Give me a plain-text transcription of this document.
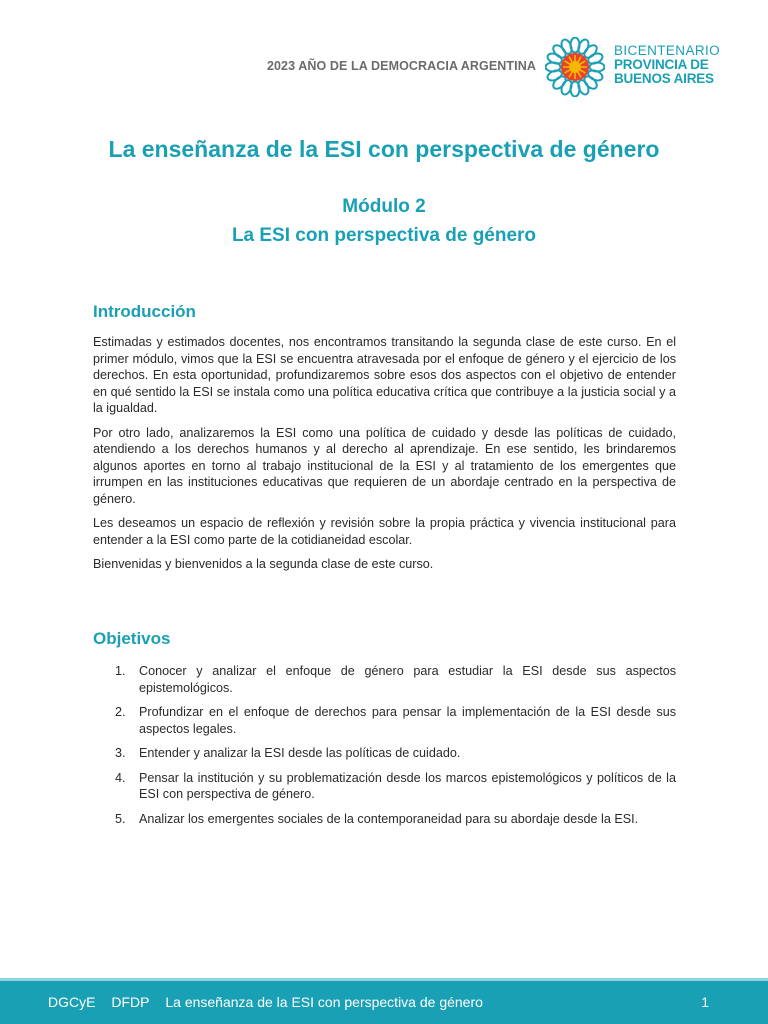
2023 AÑO DE LA DEMOCRACIA ARGENTINA
BICENTENARIO
PROVINCIA DE
BUENOS AIRES
La enseñanza de la ESI con perspectiva de género
Módulo 2
La ESI con perspectiva de género
Introducción

Estimadas y estimados docentes, nos encontramos transitando la segunda clase de este curso. En el primer módulo, vimos que la ESI se encuentra atravesada por el enfoque de género y el ejercicio de los derechos. En esta oportunidad, profundizaremos sobre esos dos aspectos con el objetivo de entender en qué sentido la ESI se instala como una política educativa crítica que contribuye a la justicia social y a la igualdad.

Por otro lado, analizaremos la ESI como una política de cuidado y desde las políticas de cuidado, atendiendo a los derechos humanos y al derecho al aprendizaje. En ese sentido, les brindaremos algunos aportes en torno al trabajo institucional de la ESI y al tratamiento de los emergentes que irrumpen en las instituciones educativas que requieren de un abordaje centrado en la perspectiva de género.

Les deseamos un espacio de reflexión y revisión sobre la propia práctica y vivencia institucional para entender a la ESI como parte de la cotidianeidad escolar.

Bienvenidas y bienvenidos a la segunda clase de este curso.

Objetivos
1. Conocer y analizar el enfoque de género para estudiar la ESI desde sus aspectos epistemológicos.
2. Profundizar en el enfoque de derechos para pensar la implementación de la ESI desde sus aspectos legales.
3. Entender y analizar la ESI desde las políticas de cuidado.
4. Pensar la institución y su problematización desde los marcos epistemológicos y políticos de la ESI con perspectiva de género.
5. Analizar los emergentes sociales de la contemporaneidad para su abordaje desde la ESI.
DGCyE DFDP La enseñanza de la ESI con perspectiva de género	1
